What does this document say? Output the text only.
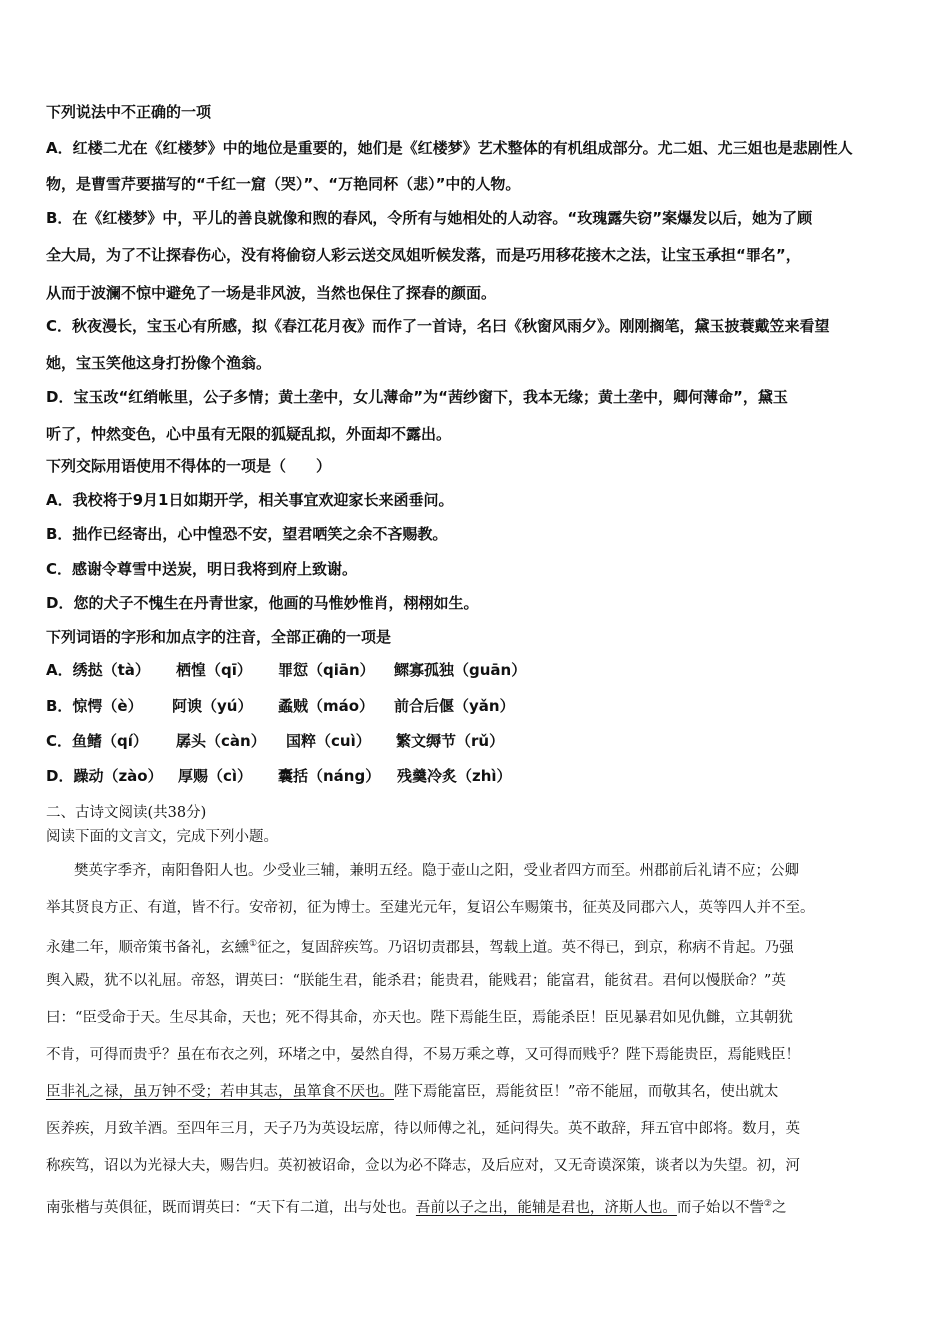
下列说法中不正确的一项
A．红楼二尤在《红楼梦》中的地位是重要的，她们是《红楼梦》艺术整体的有机组成部分。尤二姐、尤三姐也是悲剧性人
物，是曹雪芹要描写的“千红一窟（哭）”、“万艳同杯（悲）”中的人物。
B．在《红楼梦》中，平儿的善良就像和煦的春风，令所有与她相处的人动容。“玫瑰露失窃”案爆发以后，她为了顾
全大局，为了不让探春伤心，没有将偷窃人彩云送交凤姐听候发落，而是巧用移花接木之法，让宝玉承担“罪名”，
从而于波澜不惊中避免了一场是非风波，当然也保住了探春的颜面。
C．秋夜漫长，宝玉心有所感，拟《春江花月夜》而作了一首诗，名曰《秋窗风雨夕》。刚刚搁笔，黛玉披蓑戴笠来看望
她，宝玉笑他这身打扮像个渔翁。
D．宝玉改“红绡帐里，公子多情；黄土垄中，女儿薄命”为“茜纱窗下，我本无缘；黄土垄中，卿何薄命”，黛玉
听了，忡然变色，心中虽有无限的狐疑乱拟，外面却不露出。
下列交际用语使用不得体的一项是（　　）
A．我校将于9月1日如期开学，相关事宜欢迎家长来函垂问。
B．拙作已经寄出，心中惶恐不安，望君哂笑之余不吝赐教。
C．感谢令尊雪中送炭，明日我将到府上致谢。
D．您的犬子不愧生在丹青世家，他画的马惟妙惟肖，栩栩如生。
下列词语的字形和加点字的注音，全部正确的一项是
A．绣挞（tà） 栖惶（qī） 罪愆（qiān） 鳏寡孤独（guān）
B．惊愕（è） 阿谀（yú） 蟊贼（máo） 前合后偃（yǎn）
C．鱼鳍（qí） 孱头（càn） 国粹（cuì） 繁文缛节（rǔ）
D．躁动（zào） 厚赐（cì） 囊括（náng） 残羹冷炙（zhì）
二、古诗文阅读(共38分)
阅读下面的文言文，完成下列小题。
樊英字季齐，南阳鲁阳人也。少受业三辅，兼明五经。隐于壶山之阳，受业者四方而至。州郡前后礼请不应；公卿
举其贤良方正、有道，皆不行。安帝初，征为博士。至建光元年，复诏公车赐策书，征英及同郡六人，英等四人并不至。
永建二年，顺帝策书备礼，玄纁①征之，复固辞疾笃。乃诏切责郡县，驾载上道。英不得已，到京，称病不肯起。乃强
舆入殿，犹不以礼屈。帝怒，谓英曰：“朕能生君，能杀君；能贵君，能贱君；能富君，能贫君。君何以慢朕命？”英
曰：“臣受命于天。生尽其命，天也；死不得其命，亦天也。陛下焉能生臣，焉能杀臣！臣见暴君如见仇雠，立其朝犹
不肯，可得而贵乎？虽在布衣之列，环堵之中，晏然自得，不易万乘之尊，又可得而贱乎？陛下焉能贵臣，焉能贱臣！
臣非礼之禄，虽万钟不受；若申其志，虽箪食不厌也。陛下焉能富臣，焉能贫臣！”帝不能屈，而敬其名，使出就太
医养疾，月致羊酒。至四年三月，天子乃为英设坛席，待以师傅之礼，延问得失。英不敢辞，拜五官中郎将。数月，英
称疾笃，诏以为光禄大夫，赐告归。英初被诏命，佥以为必不降志，及后应对，又无奇谟深策，谈者以为失望。初，河
南张楷与英俱征，既而谓英曰：“天下有二道，出与处也。吾前以子之出，能辅是君也，济斯人也。而子始以不訾②之
